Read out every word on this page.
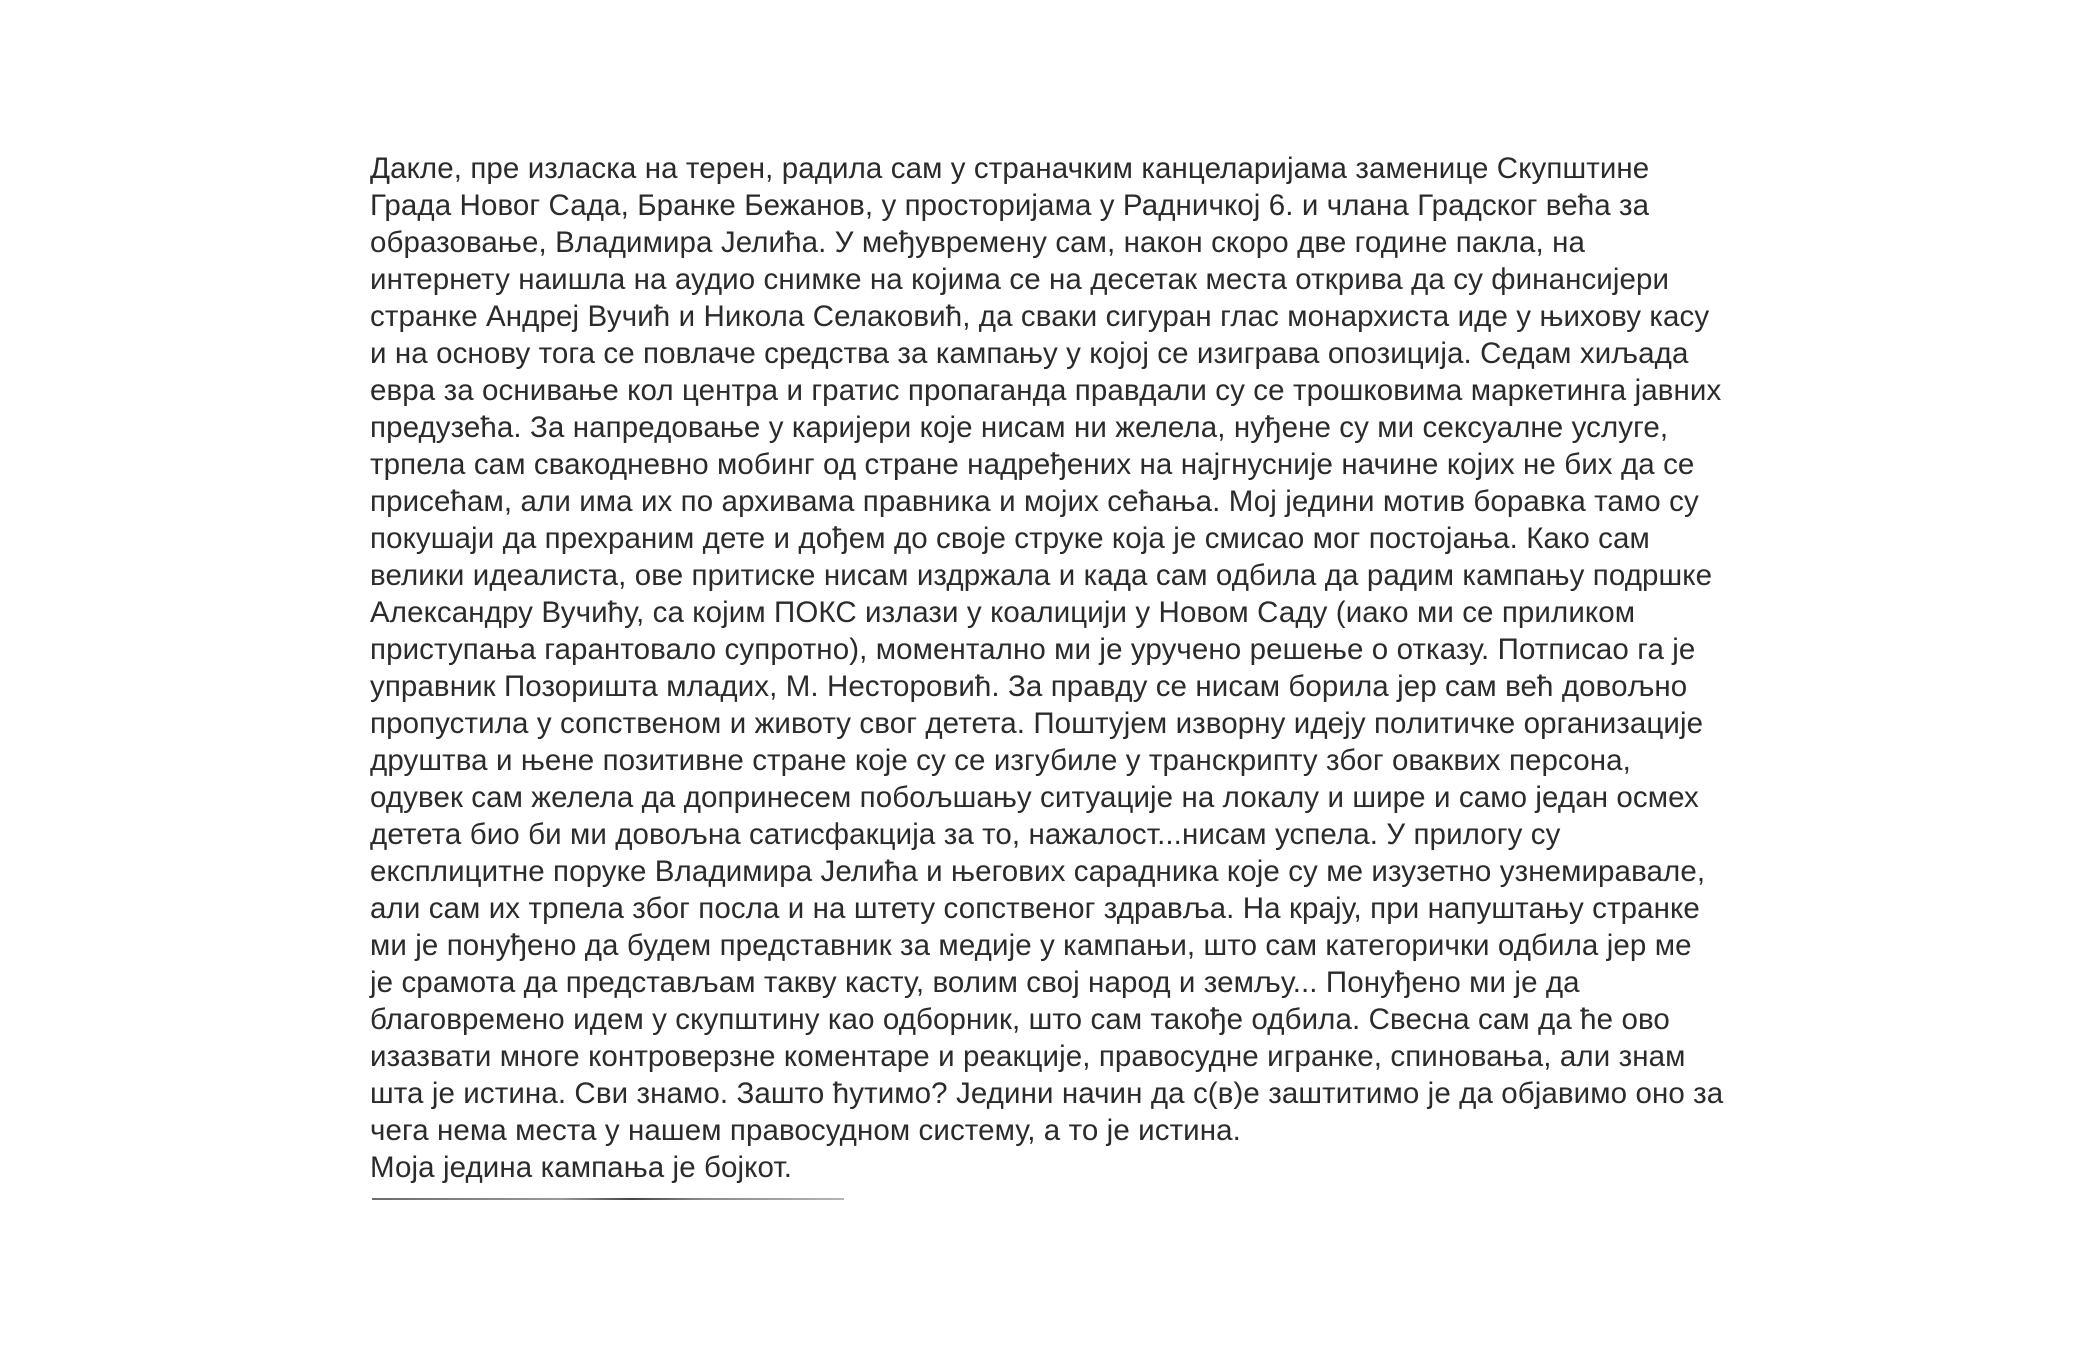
Дакле, пре изласка на терен, радила сам у страначким канцеларијама заменице Скупштине
Града Новог Сада, Бранке Бежанов, у просторијама у Радничкој 6. и члана Градског већа за
образовање, Владимира Јелића. У међувремену сам, након скоро две године пакла, на
интернету наишла на аудио снимке на којима се на десетак места открива да су финансијери
странке Андреј Вучић и Никола Селаковић, да сваки сигуран глас монархиста иде у њихову касу
и на основу тога се повлаче средства за кампању у којој се изиграва опозиција. Седам хиљада
евра за оснивање кол центра и гратис пропаганда правдали су се трошковима маркетинга јавних
предузећа. За напредовање у каријери које нисам ни желела, нуђене су ми сексуалне услуге,
трпела сам свакодневно мобинг од стране надређених на најгнусније начине којих не бих да се
присећам, али има их по архивама правника и мојих сећања. Мој једини мотив боравка тамо су
покушаји да прехраним дете и дођем до своје струке која је смисао мог постојања. Како сам
велики идеалиста, ове притиске нисам издржала и када сам одбила да радим кампању подршке
Александру Вучићу, са којим ПОКС излази у коалицији у Новом Саду (иако ми се приликом
приступања гарантовало супротно), моментално ми је уручено решење о отказу. Потписао га је
управник Позоришта младих, М. Несторовић. За правду се нисам борила јер сам већ довољно
пропустила у сопственом и животу свог детета. Поштујем изворну идеју политичке организације
друштва и њене позитивне стране које су се изгубиле у транскрипту због оваквих персона,
одувек сам желела да допринесем побољшању ситуације на локалу и шире и само један осмех
детета био би ми довољна сатисфакција за то, нажалост...нисам успела. У прилогу су
експлицитне поруке Владимира Јелића и његових сарадника које су ме изузетно узнемиравале,
али сам их трпела због посла и на штету сопственог здравља. На крају, при напуштању странке
ми је понуђено да будем представник за медије у кампањи, што сам категорички одбила јер ме
је срамота да представљам такву касту, волим свој народ и земљу... Понуђено ми је да
благовремено идем у скупштину као одборник, што сам такође одбила. Свесна сам да ће ово
изазвати многе контроверзне коментаре и реакције, правосудне игранке, спиновања, али знам
шта је истина. Сви знамо. Зашто ћутимо? Једини начин да с(в)е заштитимо је да објавимо оно за
чега нема места у нашем правосудном систему, а то је истина.
Моја једина кампања је бојкот.
